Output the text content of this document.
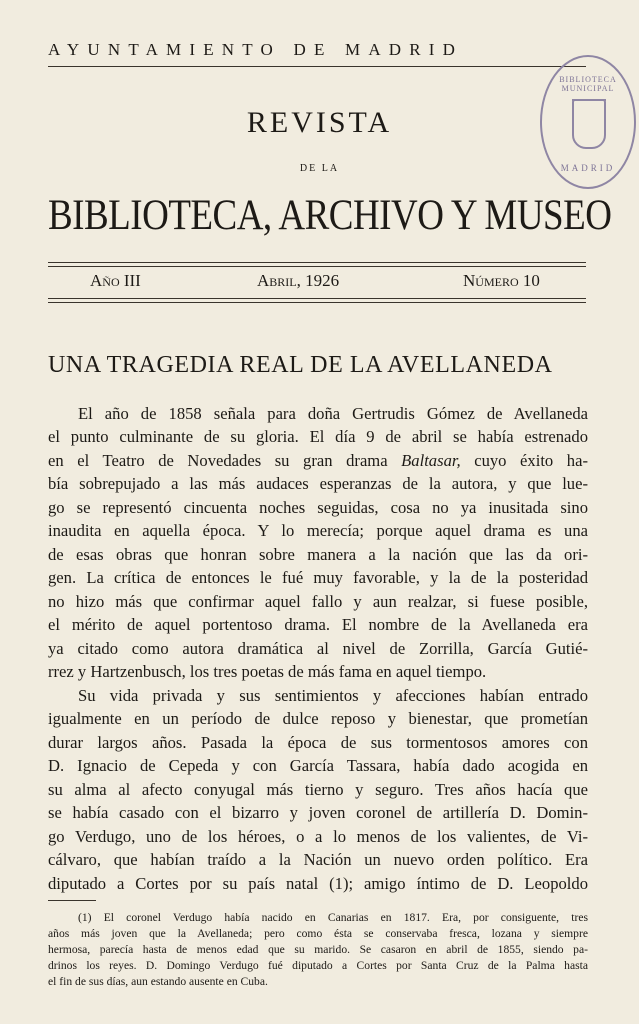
AYUNTAMIENTO DE MADRID
BIBLIOTECA MUNICIPAL
MADRID
REVISTA
DE LA
BIBLIOTECA, ARCHIVO Y MUSEO
Año III	Abril, 1926	Número 10
UNA TRAGEDIA REAL DE LA AVELLANEDA
El año de 1858 señala para doña Gertrudis Gómez de Avellaneda
el punto culminante de su gloria. El día 9 de abril se había estrenado
en el Teatro de Novedades su gran drama Baltasar, cuyo éxito ha-
bía sobrepujado a las más audaces esperanzas de la autora, y que lue-
go se representó cincuenta noches seguidas, cosa no ya inusitada sino
inaudita en aquella época. Y lo merecía; porque aquel drama es una
de esas obras que honran sobre manera a la nación que las da ori-
gen. La crítica de entonces le fué muy favorable, y la de la posteridad
no hizo más que confirmar aquel fallo y aun realzar, si fuese posible,
el mérito de aquel portentoso drama. El nombre de la Avellaneda era
ya citado como autora dramática al nivel de Zorrilla, García Gutié-
rrez y Hartzenbusch, los tres poetas de más fama en aquel tiempo.
Su vida privada y sus sentimientos y afecciones habían entrado
igualmente en un período de dulce reposo y bienestar, que prometían
durar largos años. Pasada la época de sus tormentosos amores con
D. Ignacio de Cepeda y con García Tassara, había dado acogida en
su alma al afecto conyugal más tierno y seguro. Tres años hacía que
se había casado con el bizarro y joven coronel de artillería D. Domin-
go Verdugo, uno de los héroes, o a lo menos de los valientes, de Vi-
cálvaro, que habían traído a la Nación un nuevo orden político. Era
diputado a Cortes por su país natal (1); amigo íntimo de D. Leopoldo
(1) El coronel Verdugo había nacido en Canarias en 1817. Era, por consiguente, tres
años más joven que la Avellaneda; pero como ésta se conservaba fresca, lozana y siempre
hermosa, parecía hasta de menos edad que su marido. Se casaron en abril de 1855, siendo pa-
drinos los reyes. D. Domingo Verdugo fué diputado a Cortes por Santa Cruz de la Palma hasta
el fin de sus días, aun estando ausente en Cuba.
